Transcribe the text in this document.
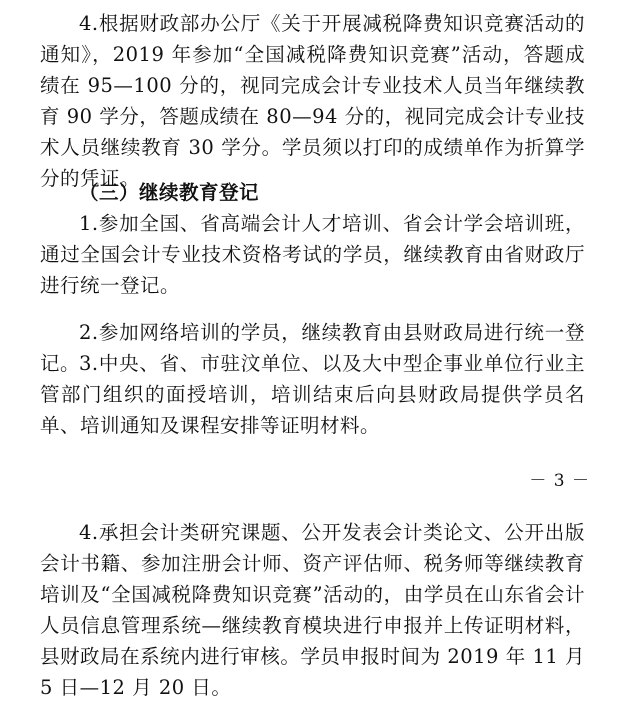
4.根据财政部办公厅《关于开展减税降费知识竞赛活动的通知》，2019 年参加“全国减税降费知识竞赛”活动，答题成绩在 95—100 分的，视同完成会计专业技术人员当年继续教育 90 学分，答题成绩在 80—94 分的，视同完成会计专业技术人员继续教育 30 学分。学员须以打印的成绩单作为折算学分的凭证。

（三）继续教育登记

1.参加全国、省高端会计人才培训、省会计学会培训班，通过全国会计专业技术资格考试的学员，继续教育由省财政厅进行统一登记。

2.参加网络培训的学员，继续教育由县财政局进行统一登记。

3.中央、省、市驻汶单位、以及大中型企事业单位行业主管部门组织的面授培训，培训结束后向县财政局提供学员名单、培训通知及课程安排等证明材料。

－ 3 －

4.承担会计类研究课题、公开发表会计类论文、公开出版会计书籍、参加注册会计师、资产评估师、税务师等继续教育培训及“全国减税降费知识竞赛”活动的，由学员在山东省会计人员信息管理系统—继续教育模块进行申报并上传证明材料，县财政局在系统内进行审核。学员申报时间为 2019 年 11 月 5 日—12 月 20 日。
